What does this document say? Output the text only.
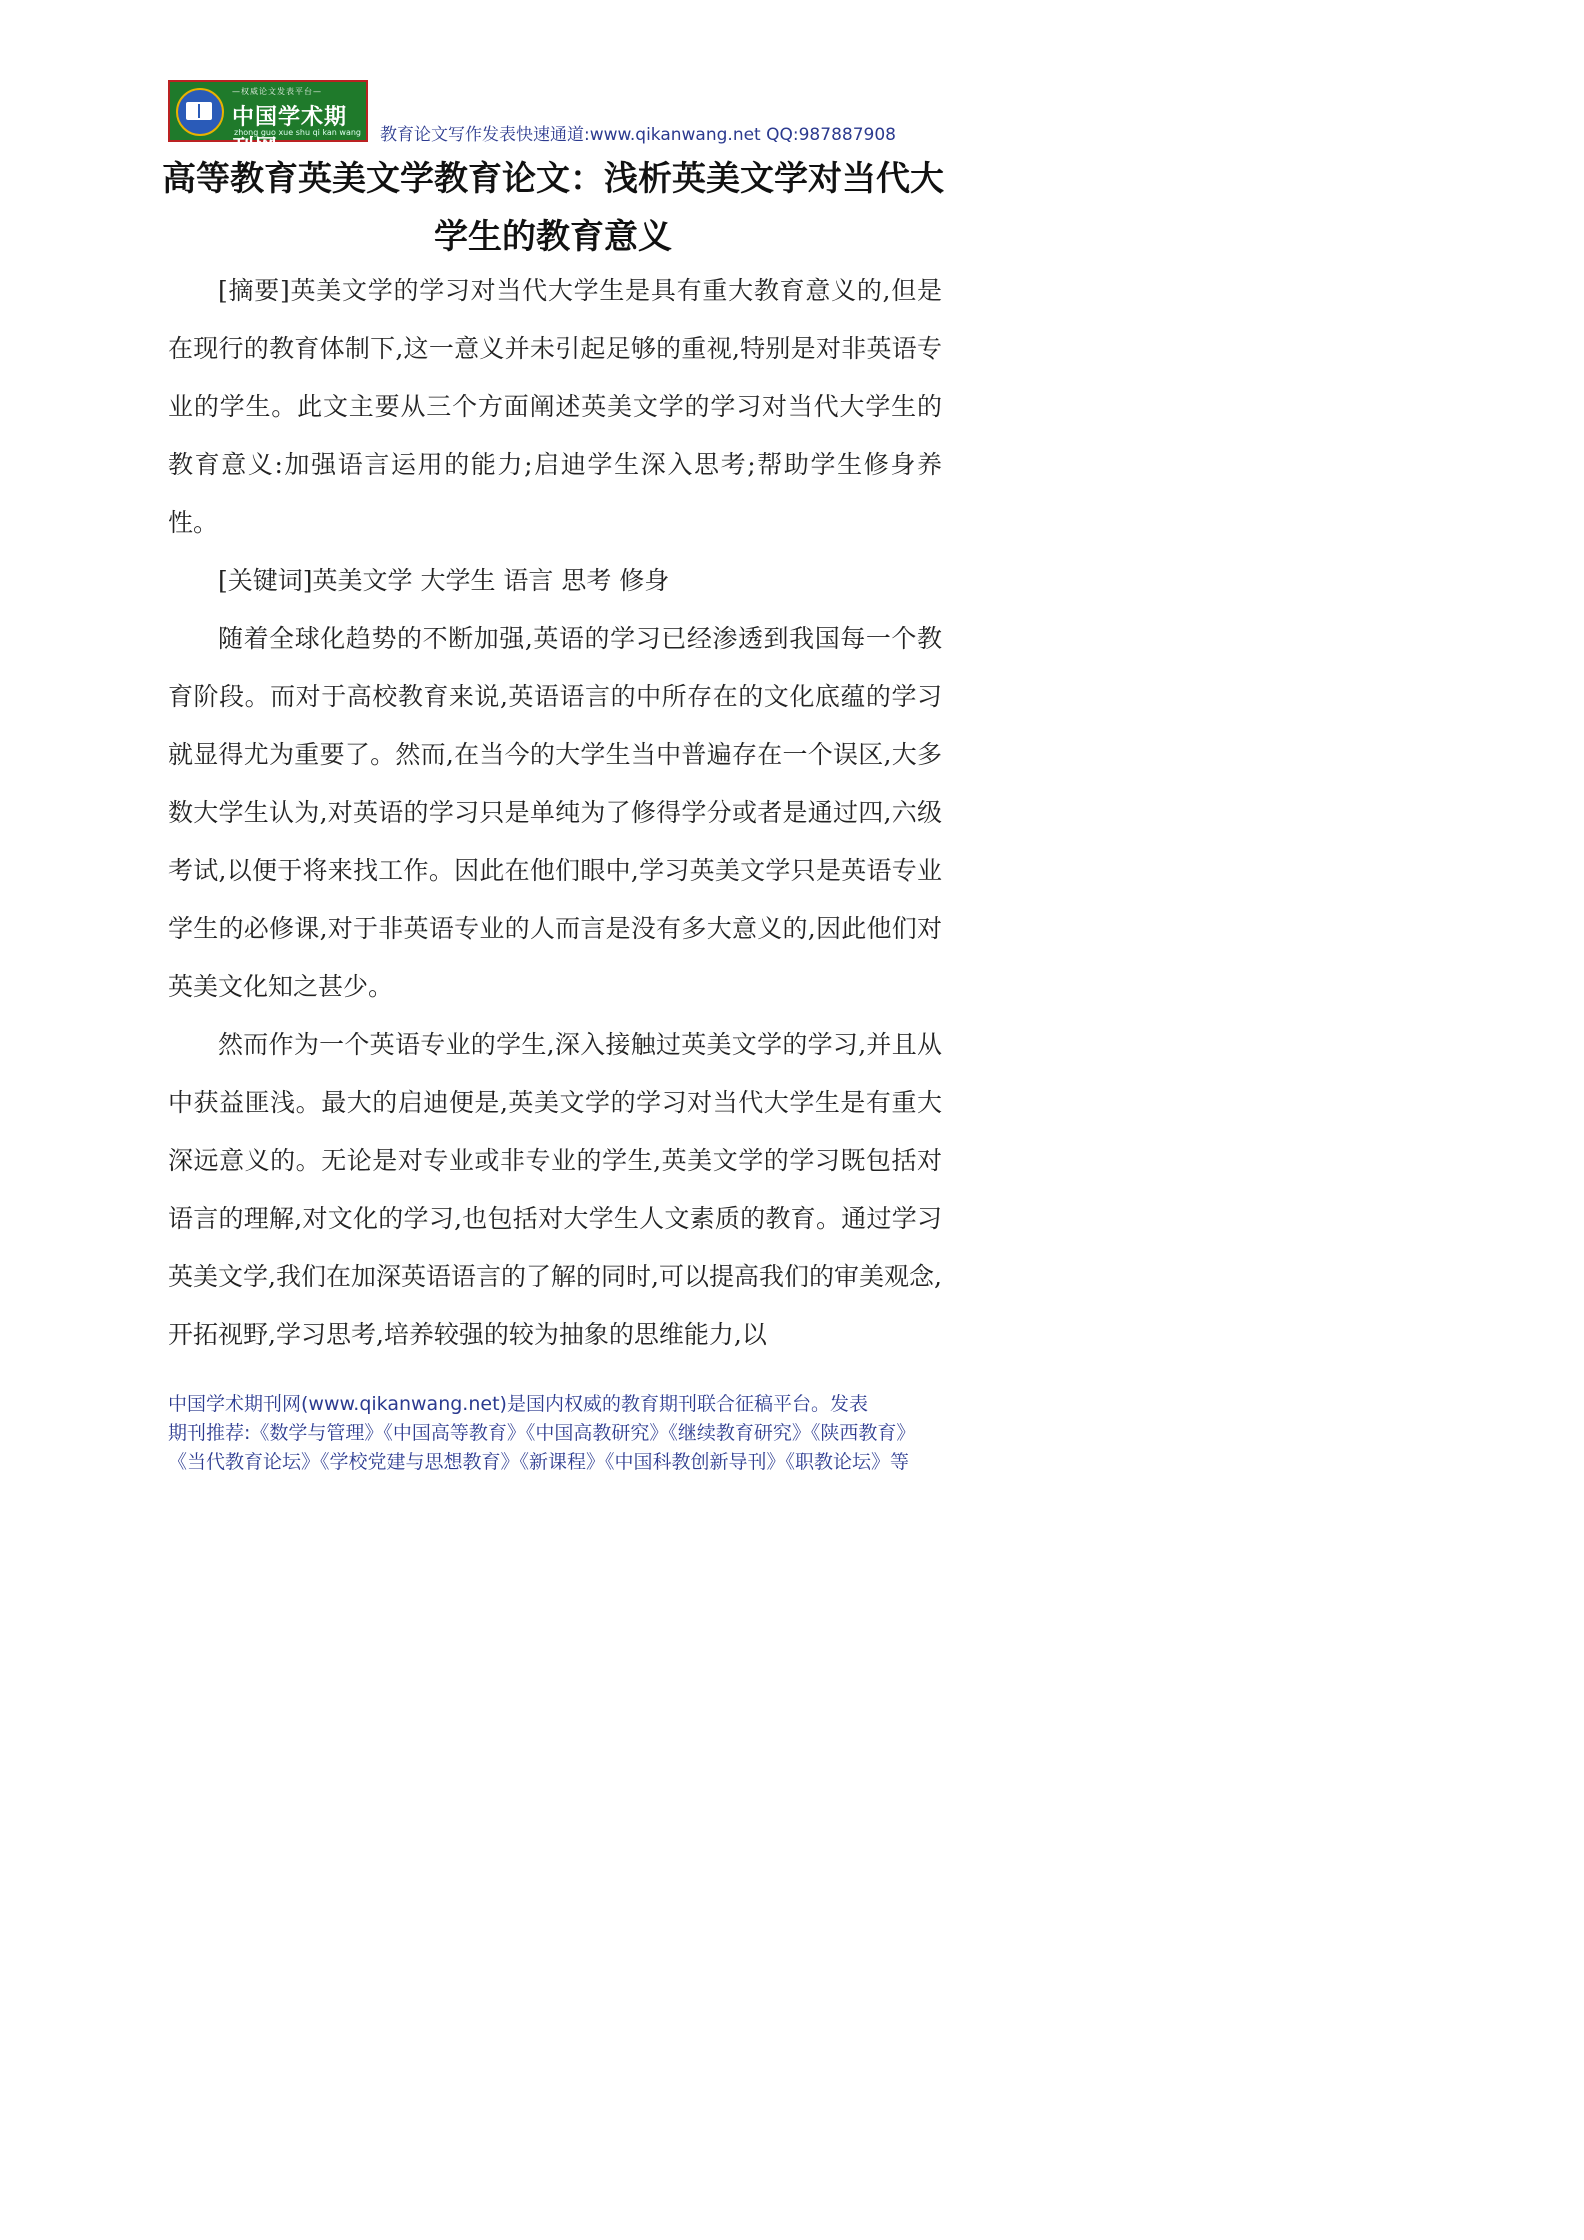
—权威论文发表平台—
中国学术期刊网
zhong guo xue shu qi kan wang 教育论文写作发表快速通道:www.qikanwang.net QQ:987887908
高等教育英美文学教育论文：浅析英美文学对当代大学生的教育意义

[摘要]英美文学的学习对当代大学生是具有重大教育意义的,但是在现行的教育体制下,这一意义并未引起足够的重视,特别是对非英语专业的学生。此文主要从三个方面阐述英美文学的学习对当代大学生的教育意义:加强语言运用的能力;启迪学生深入思考;帮助学生修身养性。

[关键词]英美文学 大学生 语言 思考 修身

随着全球化趋势的不断加强,英语的学习已经渗透到我国每一个教育阶段。而对于高校教育来说,英语语言的中所存在的文化底蕴的学习就显得尤为重要了。然而,在当今的大学生当中普遍存在一个误区,大多数大学生认为,对英语的学习只是单纯为了修得学分或者是通过四,六级考试,以便于将来找工作。因此在他们眼中,学习英美文学只是英语专业学生的必修课,对于非英语专业的人而言是没有多大意义的,因此他们对英美文化知之甚少。

然而作为一个英语专业的学生,深入接触过英美文学的学习,并且从中获益匪浅。最大的启迪便是,英美文学的学习对当代大学生是有重大深远意义的。无论是对专业或非专业的学生,英美文学的学习既包括对语言的理解,对文化的学习,也包括对大学生人文素质的教育。通过学习英美文学,我们在加深英语语言的了解的同时,可以提高我们的审美观念,开拓视野,学习思考,培养较强的较为抽象的思维能力,以

中国学术期刊网(www.qikanwang.net)是国内权威的教育期刊联合征稿平台。发表
期刊推荐:《数学与管理》《中国高等教育》《中国高教研究》《继续教育研究》《陕西教育》
《当代教育论坛》《学校党建与思想教育》《新课程》《中国科教创新导刊》《职教论坛》等
